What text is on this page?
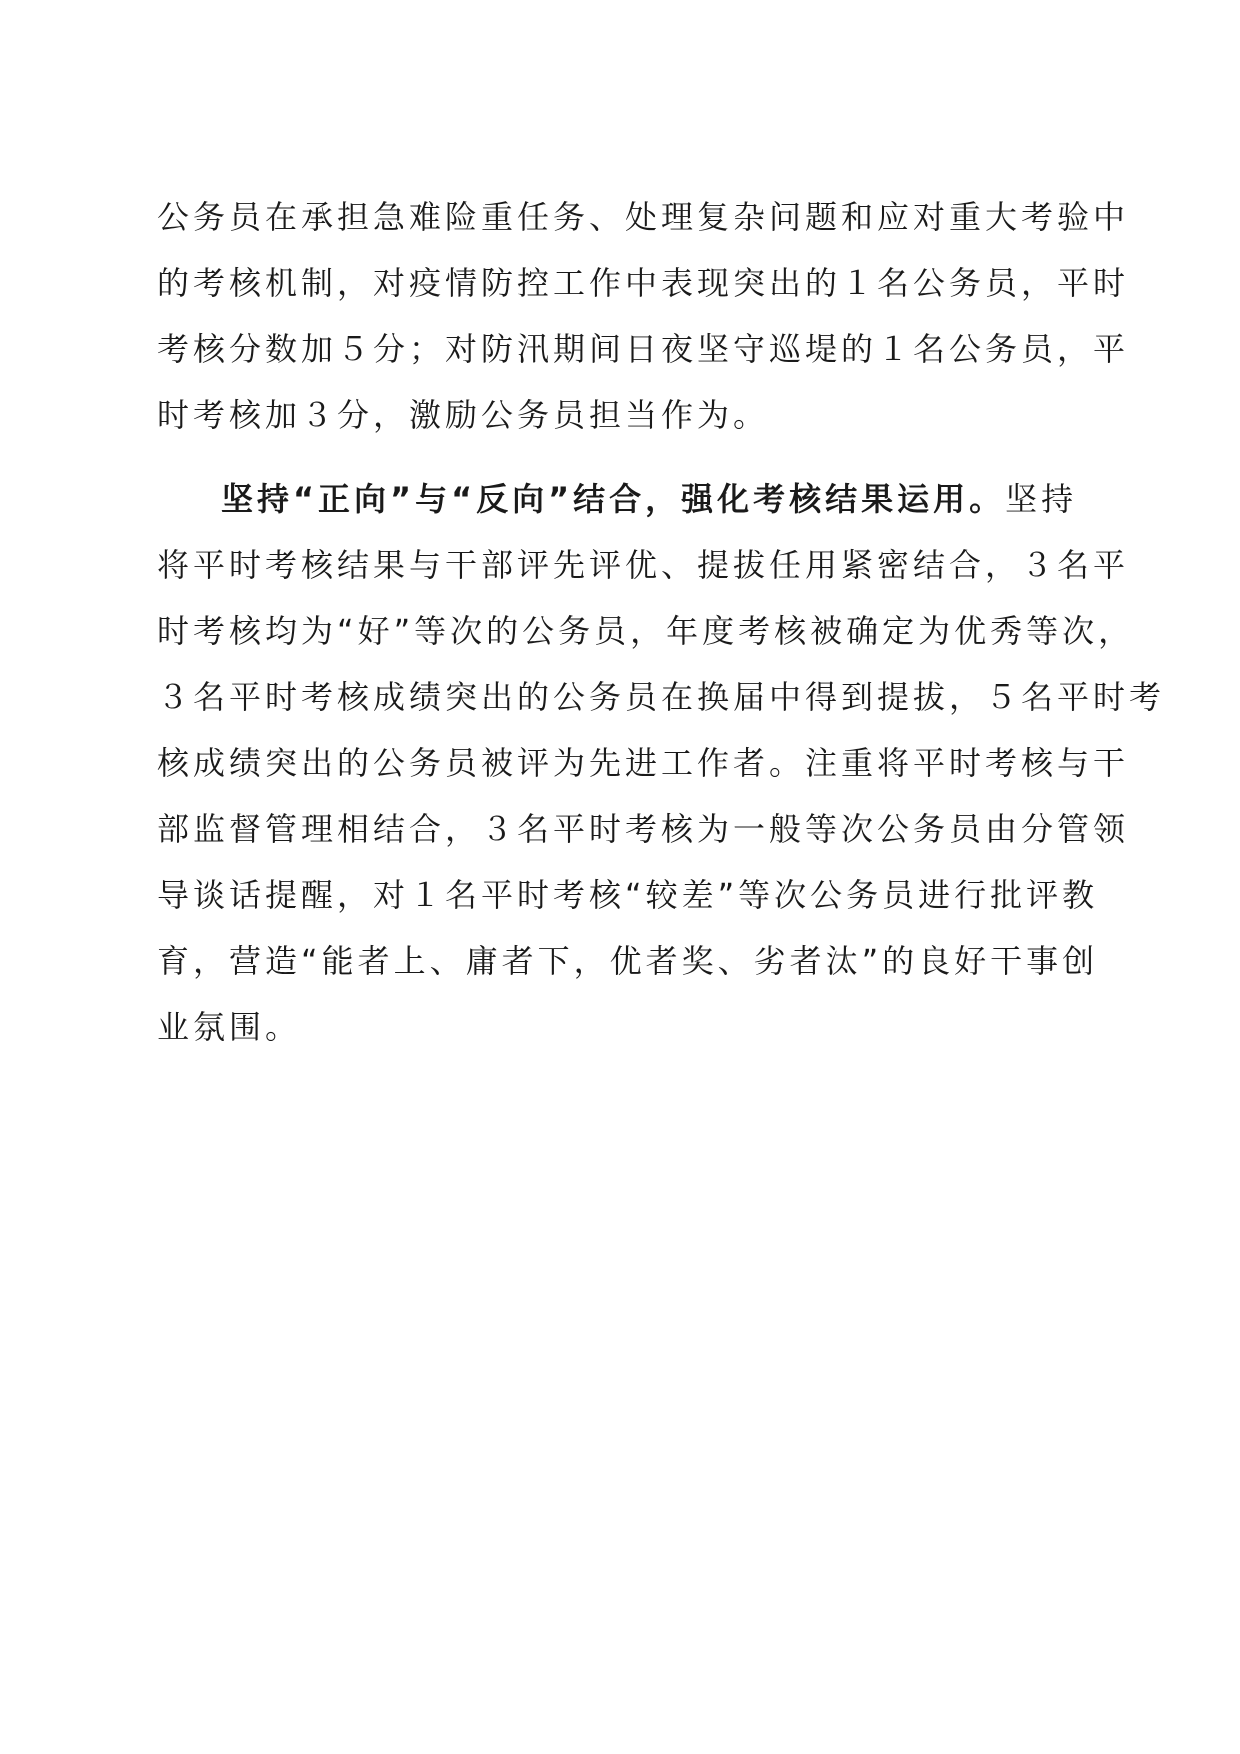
公务员在承担急难险重任务、处理复杂问题和应对重大考验中
的考核机制，对疫情防控工作中表现突出的１名公务员，平时
考核分数加５分；对防汛期间日夜坚守巡堤的１名公务员，平
时考核加３分，激励公务员担当作为。
坚持“正向”与“反向”结合，强化考核结果运用。坚持
将平时考核结果与干部评先评优、提拔任用紧密结合，３名平
时考核均为“好”等次的公务员，年度考核被确定为优秀等次，
３名平时考核成绩突出的公务员在换届中得到提拔，５名平时考
核成绩突出的公务员被评为先进工作者。注重将平时考核与干
部监督管理相结合，３名平时考核为一般等次公务员由分管领
导谈话提醒，对１名平时考核“较差”等次公务员进行批评教
育，营造“能者上、庸者下，优者奖、劣者汰”的良好干事创
业氛围。
